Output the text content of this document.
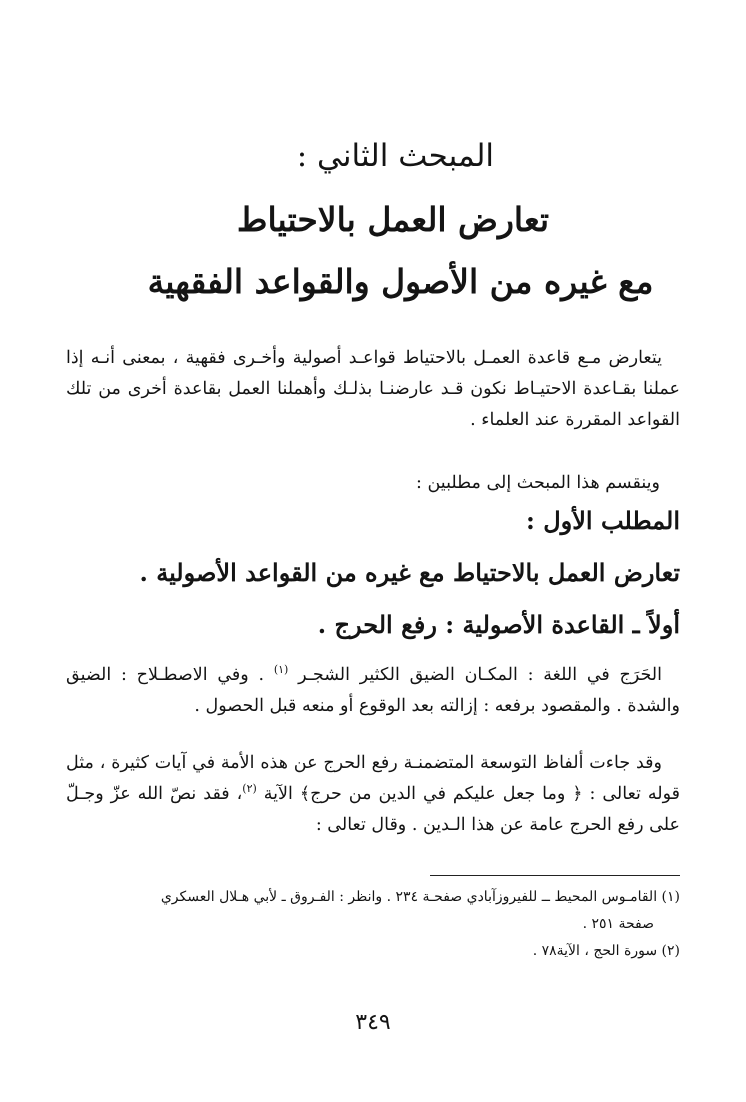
المبحث الثاني :
تعارض العمل بالاحتياط
مع غيره من الأصول والقواعد الفقهية
يتعارض مـع قاعدة العمـل بالاحتياط قواعـد أصولية وأخـرى فقهية ، بمعنى أنـه إذا عملنا بقـاعدة الاحتيـاط نكون قـد عارضنـا بذلـك وأهملنا العمل بقاعدة أخرى من تلك القواعد المقررة عند العلماء .
وينقسم هذا المبحث إلى مطلبين :
المطلب الأول :
تعارض العمل بالاحتياط مع غيره من القواعد الأصولية .
أولاً ـ القاعدة الأصولية : رفع الحرج .
الحَرَج في اللغة : المكـان الضيق الكثير الشجـر $^{(١)}$ . وفي الاصطـلاح : الضيق والشدة . والمقصود برفعه : إزالته بعد الوقوع أو منعه قبل الحصول .
وقد جاءت ألفاظ التوسعة المتضمنـة رفع الحرج عن هذه الأمة في آيات كثيرة ، مثل قوله تعالى : ﴿ وما جعل عليكم في الدين من حرج﴾ الآية $^{(٢)}$، فقد نصّ الله عزّ وجـلّ على رفع الحرج عامة عن هذا الـدين . وقال تعالى :
(١) القامـوس المحيط ــ للفيروزآبادي صفحـة ٢٣٤ . وانظر : الفـروق ـ لأبي هـلال العسكري
صفحة ٢٥١ .
(٢) سورة الحج ، الآية٧٨ .
٣٤٩
